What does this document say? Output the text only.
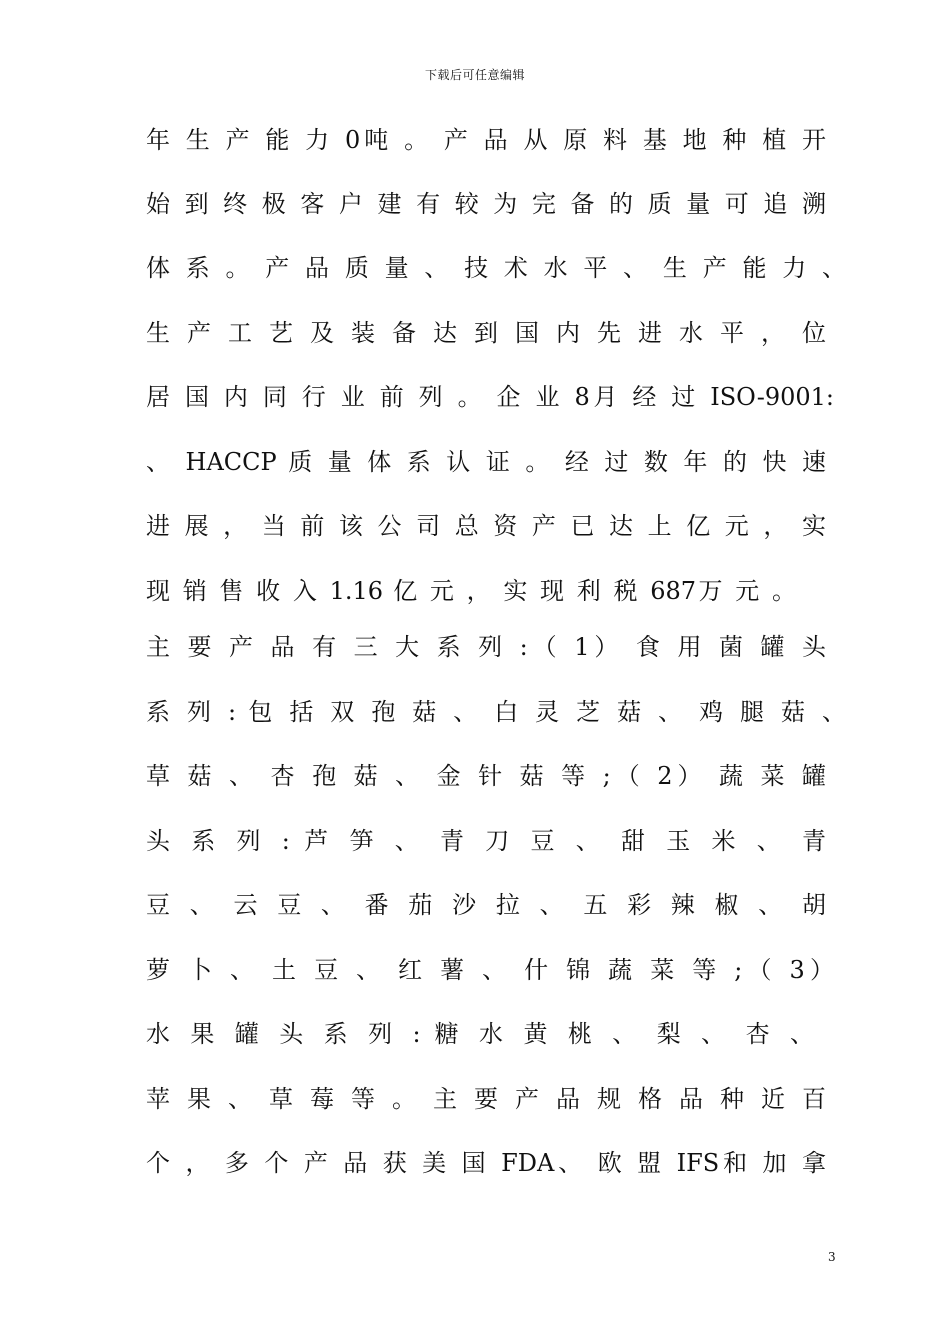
下载后可任意编辑
年 生 产 能 力 0吨 。 产 品 从 原 料 基 地 种 植 开
始 到 终 极 客 户 建 有 较 为 完 备 的 质 量 可 追 溯
体 系 。 产 品 质 量 、 技 术 水 平 、 生 产 能 力 、
生 产 工 艺 及 装 备 达 到 国 内 先 进 水 平 ， 位
居 国 内 同 行 业 前 列 。 企 业 8月 经 过 ISO-9001:
、 HACCP 质 量 体 系 认 证 。 经 过 数 年 的 快 速
进 展 ， 当 前 该 公 司 总 资 产 已 达 上 亿 元 ， 实
现 销 售 收 入 1.16 亿 元 ， 实 现 利 税 687万 元 。
主 要 产 品 有 三 大 系 列 :（ 1） 食 用 菌 罐 头
系 列 : 包 括 双 孢 菇 、 白 灵 芝 菇 、 鸡 腿 菇 、
草 菇 、 杏 孢 菇 、 金 针 菇 等 ;（ 2） 蔬 菜 罐
头 系 列 : 芦 笋 、 青 刀 豆 、 甜 玉 米 、 青
豆 、 云 豆 、 番 茄 沙 拉 、 五 彩 辣 椒 、 胡
萝 卜 、 土 豆 、 红 薯 、 什 锦 蔬 菜 等 ;（ 3）
水 果 罐 头 系 列 : 糖 水 黄 桃 、 梨 、 杏 、
苹 果 、 草 莓 等 。 主 要 产 品 规 格 品 种 近 百
个 ， 多 个 产 品 获 美 国 FDA、 欧 盟 IFS和 加 拿
3
